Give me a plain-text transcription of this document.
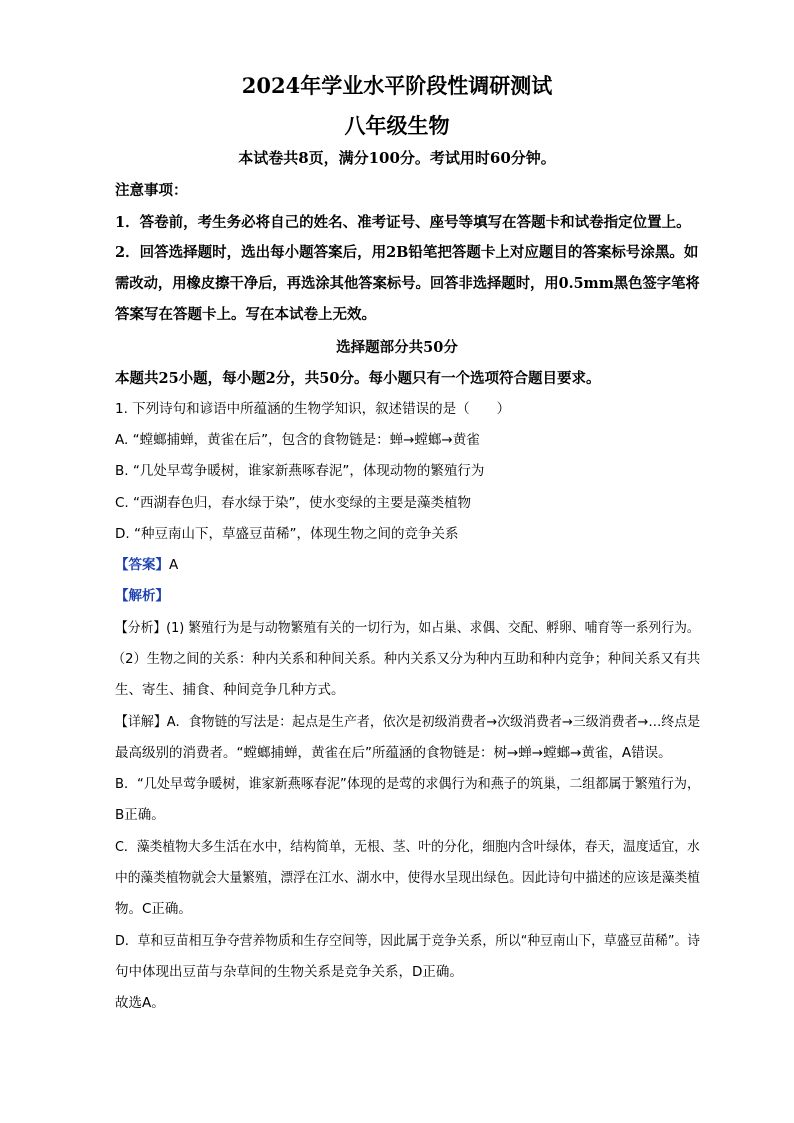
2024年学业水平阶段性调研测试
八年级生物
本试卷共8页，满分100分。考试用时60分钟。
注意事项：
1．答卷前，考生务必将自己的姓名、准考证号、座号等填写在答题卡和试卷指定位置上。
2．回答选择题时，选出每小题答案后，用2B铅笔把答题卡上对应题目的答案标号涂黑。如
需改动，用橡皮擦干净后，再选涂其他答案标号。回答非选择题时，用0.5mm黑色签字笔将
答案写在答题卡上。写在本试卷上无效。
选择题部分共50分
本题共25小题，每小题2分，共50分。每小题只有一个选项符合题目要求。
1. 下列诗句和谚语中所蕴涵的生物学知识，叙述错误的是（　　）
A. “螳螂捕蝉，黄雀在后”，包含的食物链是：蝉→螳螂→黄雀
B. “几处早莺争暖树，谁家新燕啄春泥”，体现动物的繁殖行为
C. “西湖春色归，春水绿于染”，使水变绿的主要是藻类植物
D. “种豆南山下，草盛豆苗稀”，体现生物之间的竞争关系
【答案】A
【解析】
【分析】(1) 繁殖行为是与动物繁殖有关的一切行为，如占巢、求偶、交配、孵卵、哺育等一系列行为。
（2）生物之间的关系：种内关系和种间关系。种内关系又分为种内互助和种内竞争；种间关系又有共
生、寄生、捕食、种间竞争几种方式。
【详解】A．食物链的写法是：起点是生产者，依次是初级消费者→次级消费者→三级消费者→…终点是
最高级别的消费者。“螳螂捕蝉，黄雀在后”所蕴涵的食物链是：树→蝉→螳螂→黄雀，A错误。
B．“几处早莺争暖树，谁家新燕啄春泥”体现的是莺的求偶行为和燕子的筑巢，二组都属于繁殖行为，
B正确。
C．藻类植物大多生活在水中，结构简单，无根、茎、叶的分化，细胞内含叶绿体，春天，温度适宜，水
中的藻类植物就会大量繁殖，漂浮在江水、湖水中，使得水呈现出绿色。因此诗句中描述的应该是藻类植
物。C正确。
D．草和豆苗相互争夺营养物质和生存空间等，因此属于竞争关系，所以“种豆南山下，草盛豆苗稀”。诗
句中体现出豆苗与杂草间的生物关系是竞争关系，D正确。
故选A。
